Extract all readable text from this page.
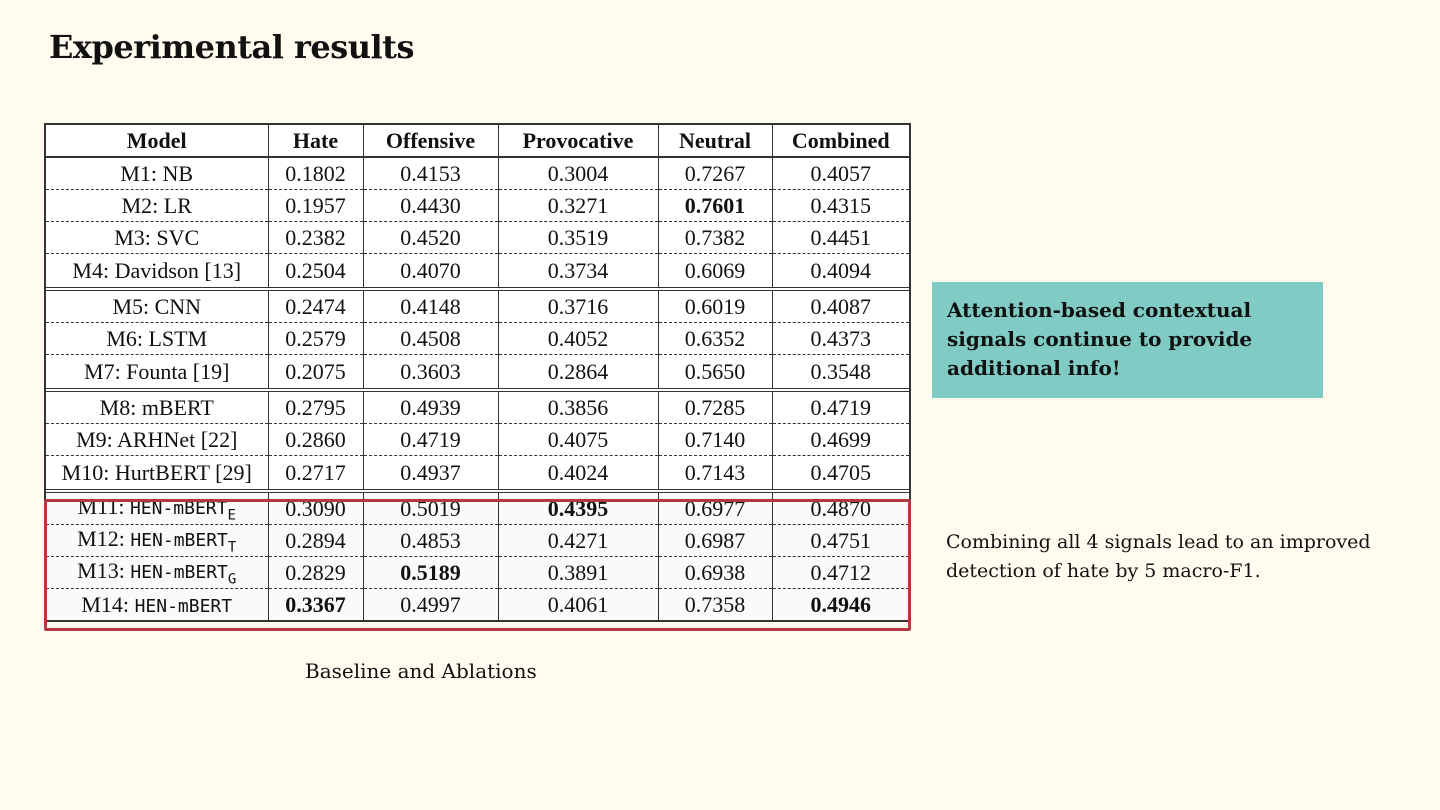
Experimental results
Model	Hate	Offensive	Provocative	Neutral	Combined
M1: NB	0.1802	0.4153	0.3004	0.7267	0.4057
M2: LR	0.1957	0.4430	0.3271	0.7601	0.4315
M3: SVC	0.2382	0.4520	0.3519	0.7382	0.4451
M4: Davidson [13]	0.2504	0.4070	0.3734	0.6069	0.4094
M5: CNN	0.2474	0.4148	0.3716	0.6019	0.4087
M6: LSTM	0.2579	0.4508	0.4052	0.6352	0.4373
M7: Founta [19]	0.2075	0.3603	0.2864	0.5650	0.3548
M8: mBERT	0.2795	0.4939	0.3856	0.7285	0.4719
M9: ARHNet [22]	0.2860	0.4719	0.4075	0.7140	0.4699
M10: HurtBERT [29]	0.2717	0.4937	0.4024	0.7143	0.4705
M11: HEN-mBERT$_E$	0.3090	0.5019	0.4395	0.6977	0.4870
M12: HEN-mBERT$_T$	0.2894	0.4853	0.4271	0.6987	0.4751
M13: HEN-mBERT$_G$	0.2829	0.5189	0.3891	0.6938	0.4712
M14: HEN-mBERT	0.3367	0.4997	0.4061	0.7358	0.4946
Baseline and Ablations
Attention-based contextual signals continue to provide additional info!
Combining all 4 signals lead to an improved detection of hate by 5 macro-F1.
